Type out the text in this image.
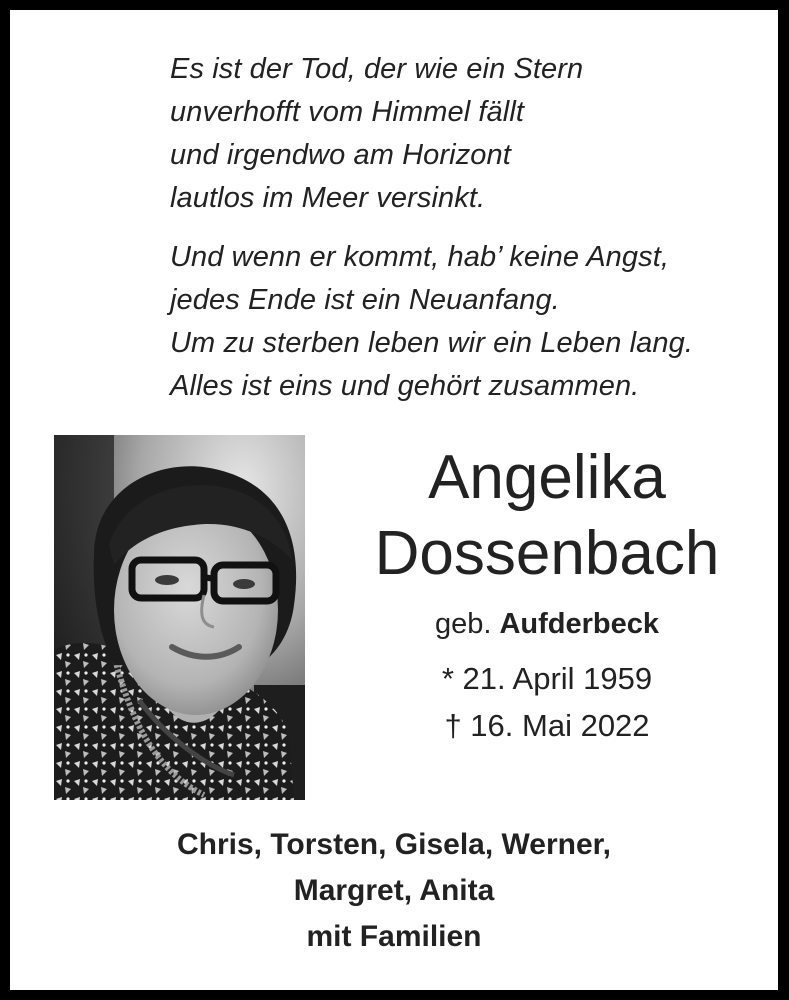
Es ist der Tod, der wie ein Stern
unverhofft vom Himmel fällt
und irgendwo am Horizont
lautlos im Meer versinkt.

Und wenn er kommt, hab’ keine Angst,
jedes Ende ist ein Neuanfang.
Um zu sterben leben wir ein Leben lang.
Alles ist eins und gehört zusammen.

Angelika
Dossenbach
geb. Aufderbeck
* 21. April 1959
† 16. Mai 2022
Chris, Torsten, Gisela, Werner,
Margret, Anita
mit Familien
